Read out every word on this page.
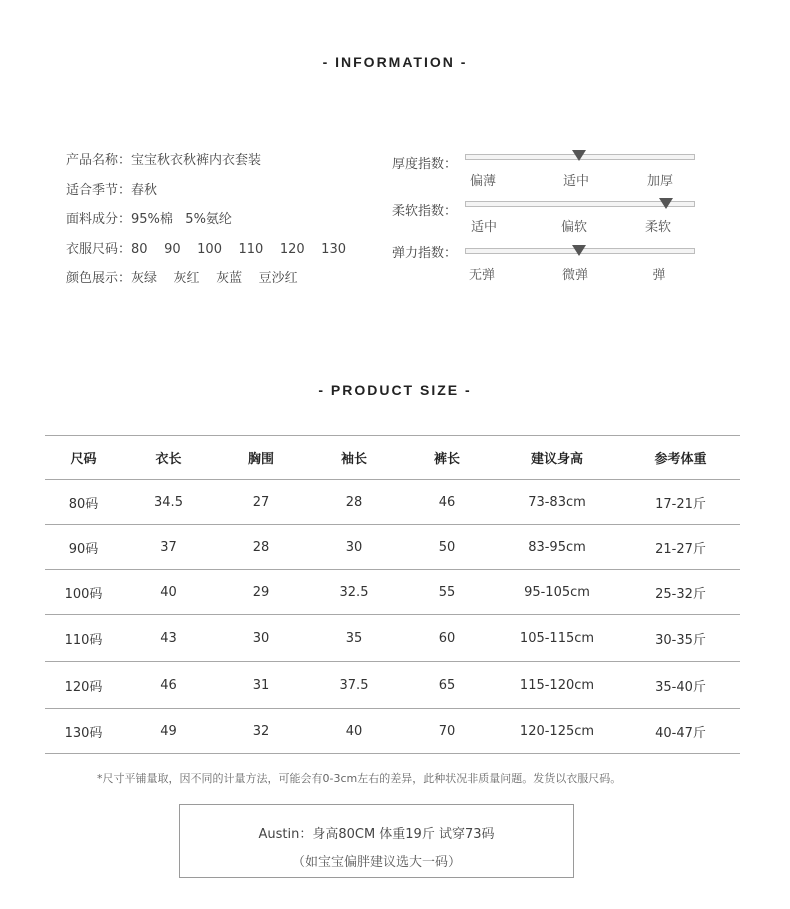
- INFORMATION -
产品名称：宝宝秋衣秋裤内衣套装
适合季节：春秋
面料成分：95%棉   5%氨纶
衣服尺码：80    90    100    110    120    130
颜色展示：灰绿    灰红    灰蓝    豆沙红
厚度指数：
偏薄	适中	加厚
柔软指数：
适中	偏软	柔软
弹力指数：
无弹	微弹	弹
- PRODUCT SIZE -
尺码	衣长	胸围	袖长	裤长	建议身高	参考体重
80码	34.5	27	28	46	73-83cm	17-21斤
90码	37	28	30	50	83-95cm	21-27斤
100码	40	29	32.5	55	95-105cm	25-32斤
110码	43	30	35	60	105-115cm	30-35斤
120码	46	31	37.5	65	115-120cm	35-40斤
130码	49	32	40	70	120-125cm	40-47斤
*尺寸平铺量取，因不同的计量方法，可能会有0-3cm左右的差异，此种状况非质量问题。发货以衣服尺码。
Austin：身高80CM 体重19斤 试穿73码
（如宝宝偏胖建议选大一码）
